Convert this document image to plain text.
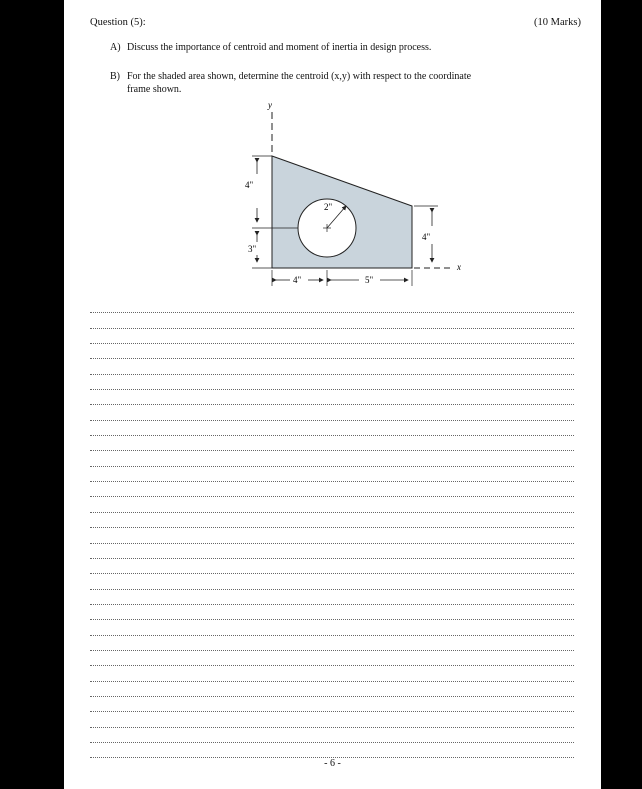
Question (5):	(10 Marks)
A) Discuss the importance of centroid and moment of inertia in design process.
B) For the shaded area shown, determine the centroid (x,y) with respect to the coordinate
frame shown.
y
x
4"
3"
2"
4"
4"	5"
- 6 -
